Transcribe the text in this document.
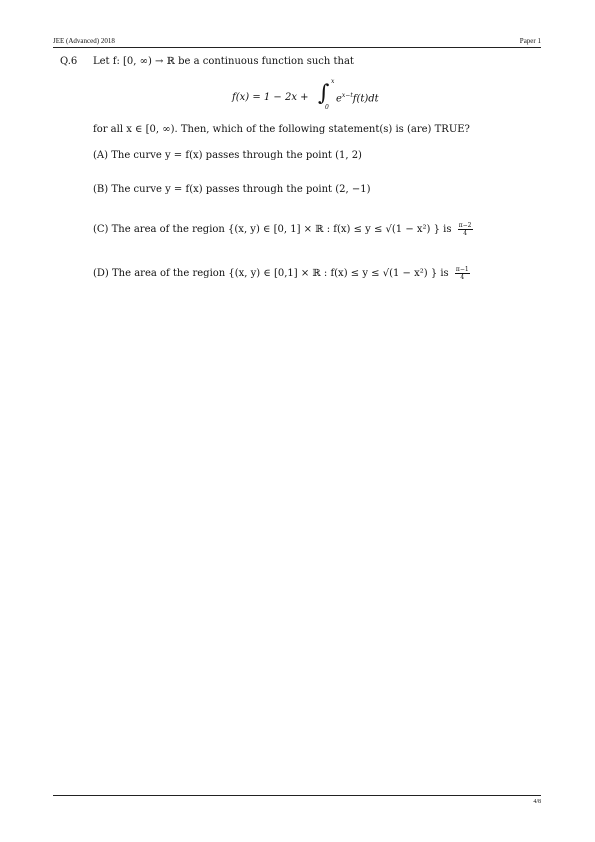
JEE (Advanced) 2018	Paper 1
Q.6 Let f: [0, ∞) → ℝ be a continuous function such that
f(x) = 1 − 2x + ∫ x
0
$e^{x-t}f(t)dt$
for all x ∈ [0, ∞). Then, which of the following statement(s) is (are) TRUE?
(A) The curve y = f(x) passes through the point (1, 2)
(B) The curve y = f(x) passes through the point (2, −1)
(C) The area of the region {(x, y) ∈ [0, 1] × ℝ : f(x) ≤ y ≤ √(1 − x²) } is $\frac{\pi-2}{4}$
(D) The area of the region {(x, y) ∈ [0,1] × ℝ : f(x) ≤ y ≤ √(1 − x²) } is $\frac{\pi-1}{4}$
4/8
